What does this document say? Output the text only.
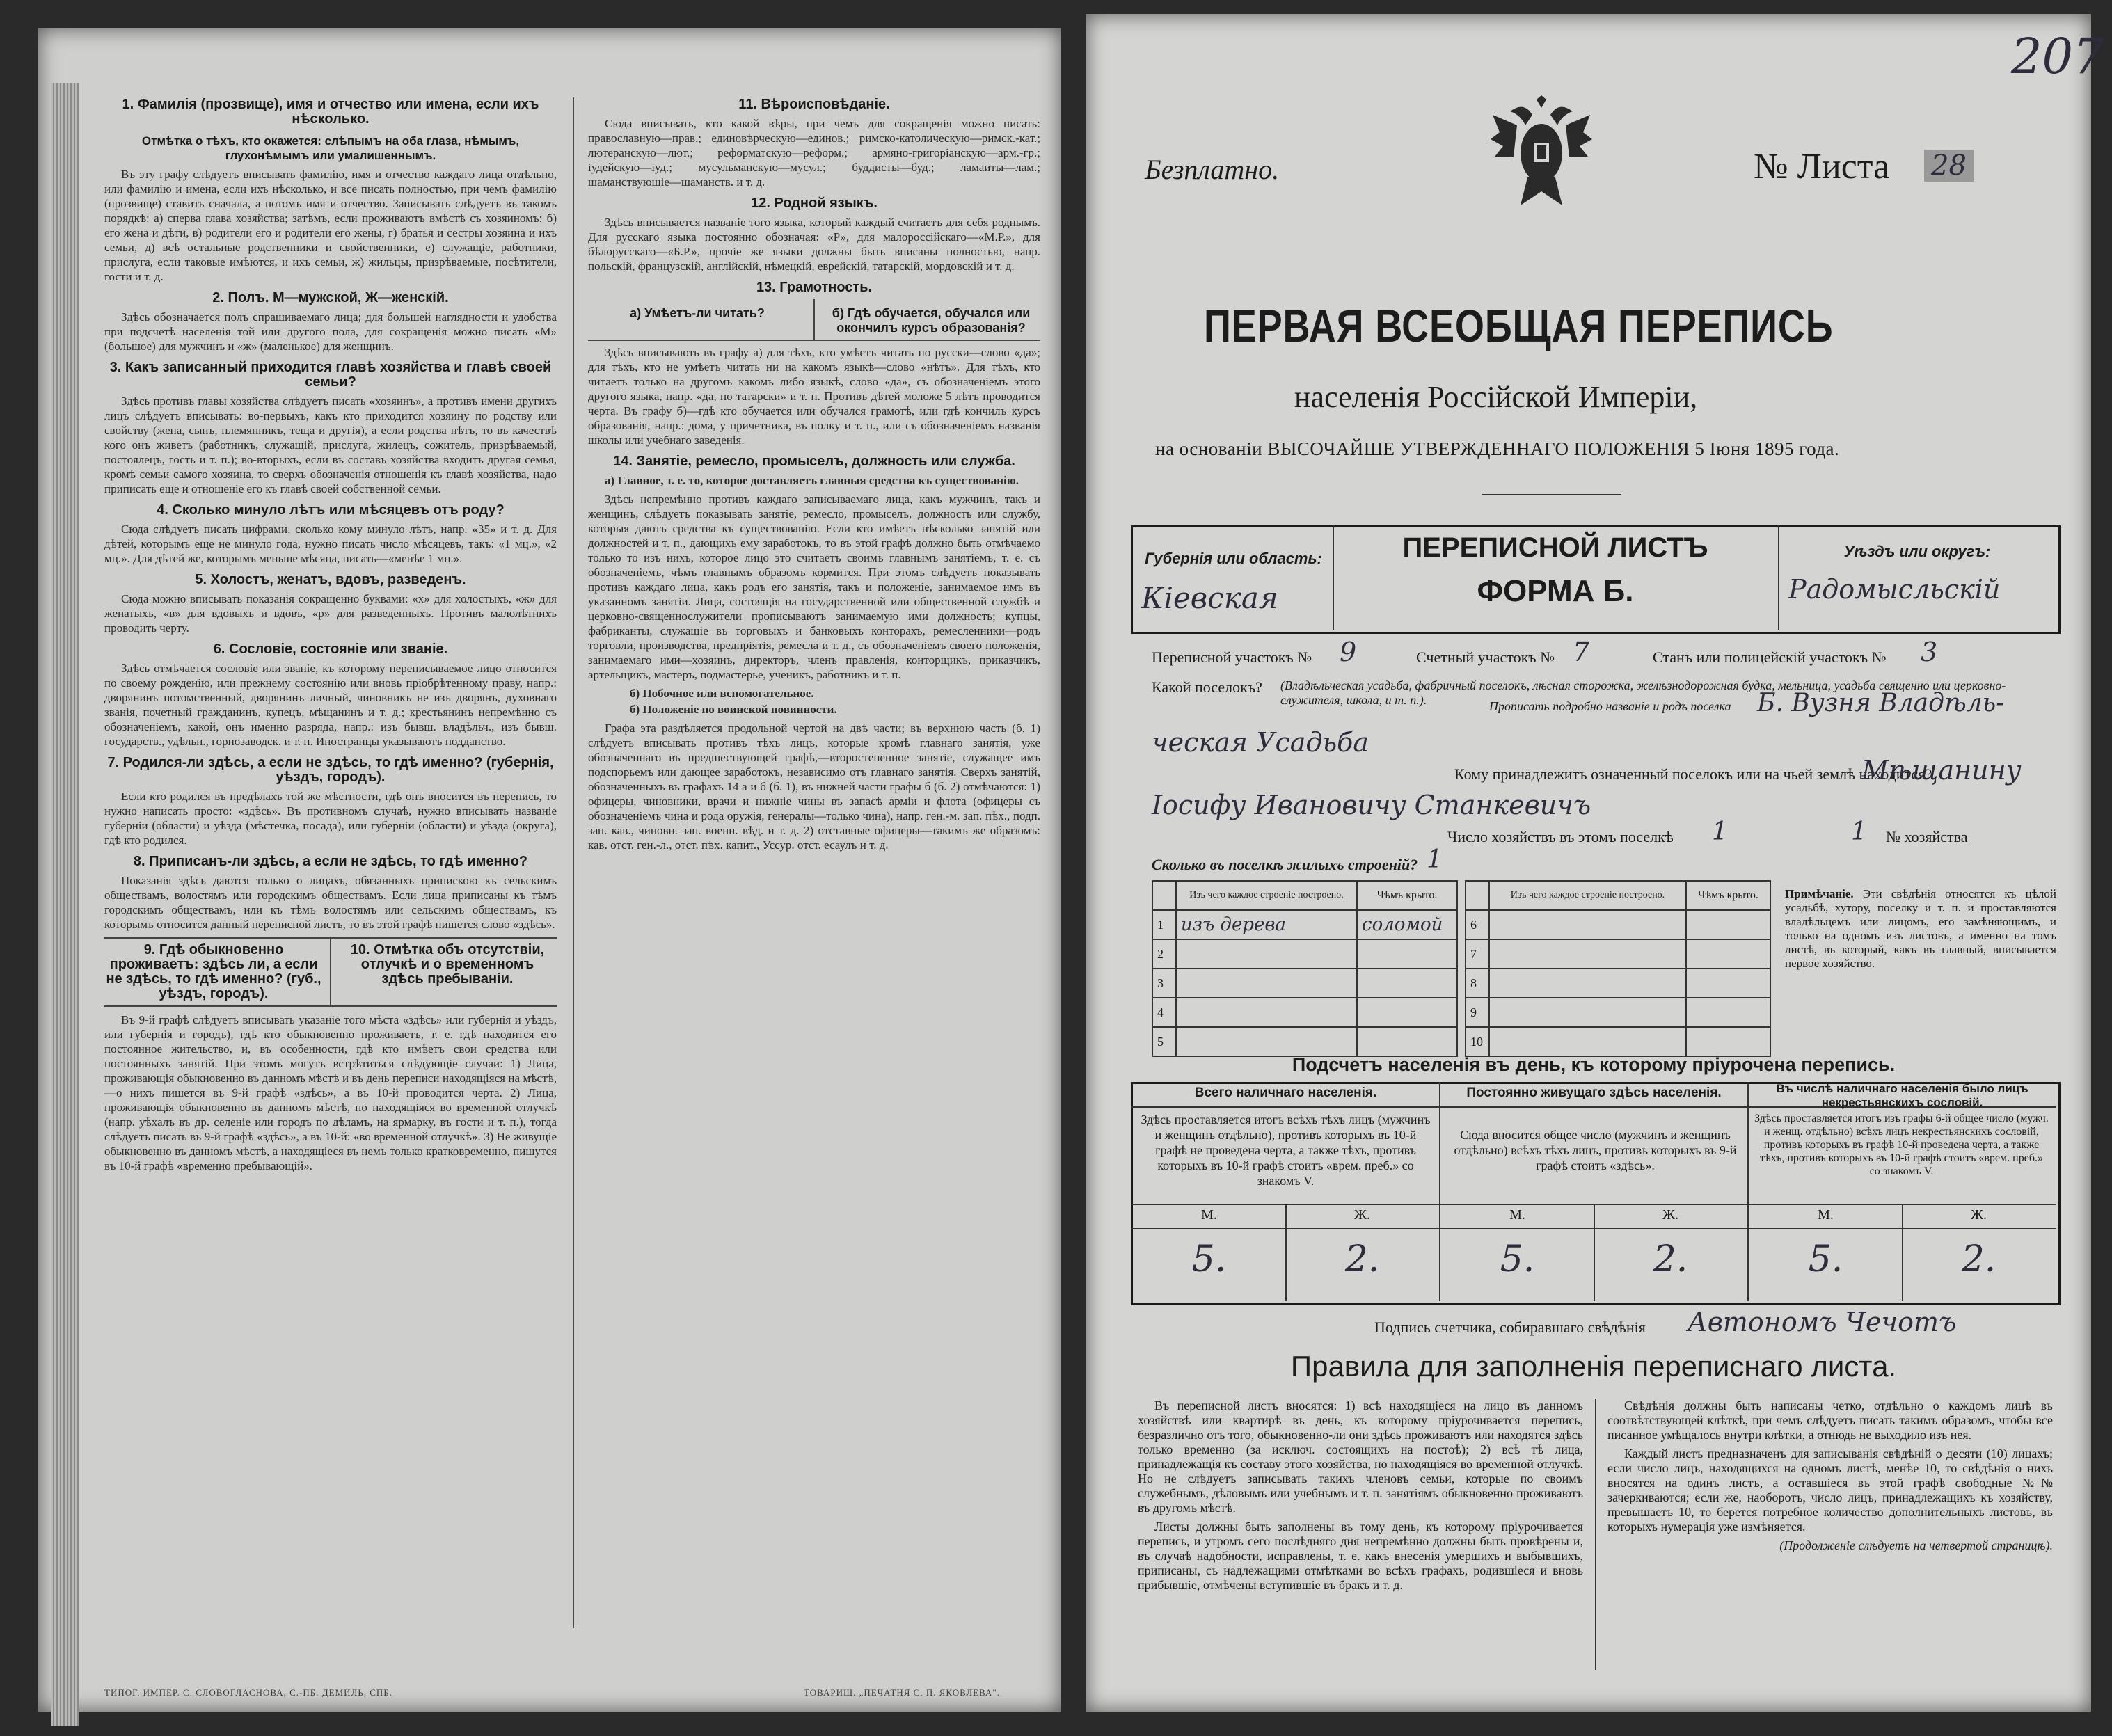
1. Фамилія (прозвище), имя и отчество или имена, если ихъ нѣсколько.
Отмѣтка о тѣхъ, кто окажется: слѣпымъ на оба глаза, нѣмымъ, глухонѣмымъ или умалишеннымъ.

Въ эту графу слѣдуетъ вписывать фамилію, имя и отчество каждаго лица отдѣльно, или фамилію и имена, если ихъ нѣсколько, и все писать полностью, при чемъ фамилію (прозвище) ставить сначала, а потомъ имя и отчество. Записывать слѣдуетъ въ такомъ порядкѣ: а) сперва глава хозяйства; затѣмъ, если проживаютъ вмѣстѣ съ хозяиномъ: б) его жена и дѣти, в) родители его и родители его жены, г) братья и сестры хозяина и ихъ семьи, д) всѣ остальные родственники и свойственники, е) служащіе, работники, прислуга, если таковые имѣются, и ихъ семьи, ж) жильцы, призрѣваемые, посѣтители, гости и т. д.

2. Полъ. М—мужской, Ж—женскій.

Здѣсь обозначается полъ спрашиваемаго лица; для большей наглядности и удобства при подсчетѣ населенія той или другого пола, для сокращенія можно писать «М» (большое) для мужчинъ и «ж» (маленькое) для женщинъ.

3. Какъ записанный приходится главѣ хозяйства и главѣ своей семьи?

Здѣсь противъ главы хозяйства слѣдуетъ писать «хозяинъ», а противъ имени другихъ лицъ слѣдуетъ вписывать: во-первыхъ, какъ кто приходится хозяину по родству или свойству (жена, сынъ, племянникъ, теща и другія), а если родства нѣтъ, то въ качествѣ кого онъ живетъ (работникъ, служащій, прислуга, жилецъ, сожитель, призрѣваемый, постоялецъ, гость и т. п.); во-вторыхъ, если въ составъ хозяйства входитъ другая семья, кромѣ семьи самого хозяина, то сверхъ обозначенія отношенія къ главѣ хозяйства, надо приписать еще и отношеніе его къ главѣ своей собственной семьи.

4. Сколько минуло лѣтъ или мѣсяцевъ отъ роду?

Сюда слѣдуетъ писать цифрами, сколько кому минуло лѣтъ, напр. «35» и т. д. Для дѣтей, которымъ еще не минуло года, нужно писать число мѣсяцевъ, такъ: «1 мц.», «2 мц.». Для дѣтей же, которымъ меньше мѣсяца, писать—«менѣе 1 мц.».

5. Холостъ, женатъ, вдовъ, разведенъ.

Сюда можно вписывать показанія сокращенно буквами: «х» для холостыхъ, «ж» для женатыхъ, «в» для вдовыхъ и вдовъ, «р» для разведенныхъ. Противъ малолѣтнихъ проводить черту.

6. Сословіе, состояніе или званіе.

Здѣсь отмѣчается сословіе или званіе, къ которому переписываемое лицо относится по своему рожденію, или прежнему состоянію или вновь пріобрѣтенному праву, напр.: дворянинъ потомственный, дворянинъ личный, чиновникъ не изъ дворянъ, духовнаго званія, почетный гражданинъ, купецъ, мѣщанинъ и т. д.; крестьянинъ непремѣнно съ обозначеніемъ, какой, онъ именно разряда, напр.: изъ бывш. владѣльч., изъ бывш. государств., удѣльн., горнозаводск. и т. п. Иностранцы указываютъ подданство.

7. Родился-ли здѣсь, а если не здѣсь, то гдѣ именно? (губернія, уѣздъ, городъ).

Если кто родился въ предѣлахъ той же мѣстности, гдѣ онъ вносится въ перепись, то нужно написать просто: «здѣсь». Въ противномъ случаѣ, нужно вписывать названіе губерніи (области) и уѣзда (мѣстечка, посада), или губерніи (области) и уѣзда (округа), гдѣ кто родился.

8. Приписанъ-ли здѣсь, а если не здѣсь, то гдѣ именно?

Показанія здѣсь даются только о лицахъ, обязанныхъ припискою къ сельскимъ обществамъ, волостямъ или городскимъ обществамъ. Если лица приписаны къ тѣмъ городскимъ обществамъ, или къ тѣмъ волостямъ или сельскимъ обществамъ, къ которымъ относится данный переписной листъ, то въ этой графѣ пишется слово «здѣсь».

9. Гдѣ обыкновенно проживаетъ: здѣсь ли, а если не здѣсь, то гдѣ именно? (губ., уѣздъ, городъ).
10. Отмѣтка объ отсутствіи, отлучкѣ и о временномъ здѣсь пребываніи.

Въ 9-й графѣ слѣдуетъ вписывать указаніе того мѣста «здѣсь» или губернія и уѣздъ, или губернія и городъ), гдѣ кто обыкновенно проживаетъ, т. е. гдѣ находится его постоянное жительство, и, въ особенности, гдѣ кто имѣетъ свои средства или постоянныхъ занятій. При этомъ могутъ встрѣтиться слѣдующіе случаи: 1) Лица, проживающія обыкновенно въ данномъ мѣстѣ и въ день переписи находящіяся на мѣстѣ,—о нихъ пишется въ 9-й графѣ «здѣсь», а въ 10-й проводится черта. 2) Лица, проживающія обыкновенно въ данномъ мѣстѣ, но находящіяся во временной отлучкѣ (напр. уѣхалъ въ др. селеніе или городъ по дѣламъ, на ярмарку, въ гости и т. п.), тогда слѣдуетъ писать въ 9-й графѣ «здѣсь», а въ 10-й: «во временной отлучкѣ». 3) Не живущіе обыкновенно въ данномъ мѣстѣ, а находящіеся въ немъ только кратковременно, пишутся въ 10-й графѣ «временно пребывающій».

11. Вѣроисповѣданіе.

Сюда вписывать, кто какой вѣры, при чемъ для сокращенія можно писать: православную—прав.; единовѣрческую—единов.; римско-католическую—римск.-кат.; лютеранскую—лют.; реформатскую—реформ.; армяно-григоріанскую—арм.-гр.; іудейскую—іуд.; мусульманскую—мусул.; буддисты—буд.; ламаиты—лам.; шаманствующіе—шаманств. и т. д.

12. Родной языкъ.

Здѣсь вписывается названіе того языка, который каждый считаетъ для себя роднымъ. Для русскаго языка постоянно обозначая: «Р», для малороссійскаго—«М.Р.», для бѣлорусскаго—«Б.Р.», прочіе же языки должны быть вписаны полностью, напр. польскій, французскій, англійскій, нѣмецкій, еврейскій, татарскій, мордовскій и т. д.

13. Грамотность.
а) Умѣетъ-ли читать?	б) Гдѣ обучается, обучался или окончилъ курсъ образованія?

Здѣсь вписывають въ графу а) для тѣхъ, кто умѣетъ читать по русски—слово «да»; для тѣхъ, кто не умѣетъ читать ни на какомъ языкѣ—слово «нѣтъ». Для тѣхъ, кто читаетъ только на другомъ какомъ либо языкѣ, слово «да», съ обозначеніемъ этого другого языка, напр. «да, по татарски» и т. п. Противъ дѣтей моложе 5 лѣтъ проводится черта. Въ графу б)—гдѣ кто обучается или обучался грамотѣ, или гдѣ кончилъ курсъ образованія, напр.: дома, у причетника, въ полку и т. п., или съ обозначеніемъ названія школы или учебнаго заведенія.

14. Занятіе, ремесло, промыселъ, должность или служба.

а) Главное, т. е. то, которое доставляетъ главныя средства къ существованію.

Здѣсь непремѣнно противъ каждаго записываемаго лица, какъ мужчинъ, такъ и женщинъ, слѣдуетъ показывать занятіе, ремесло, промыселъ, должность или службу, которыя даютъ средства къ существованію. Если кто имѣетъ нѣсколько занятій или должностей и т. п., дающихъ ему заработокъ, то въ этой графѣ должно быть отмѣчаемо только то изъ нихъ, которое лицо это считаетъ своимъ главнымъ занятіемъ, т. е. съ обозначеніемъ, чѣмъ главнымъ образомъ кормится. При этомъ слѣдуетъ показывать противъ каждаго лица, какъ родъ его занятія, такъ и положеніе, занимаемое имъ въ указанномъ занятіи. Лица, состоящія на государственной или общественной службѣ и церковно-священнослужители прописываютъ занимаемую ими должность; купцы, фабриканты, служащіе въ торговыхъ и банковыхъ конторахъ, ремесленники—родъ торговли, производства, предпріятія, ремесла и т. д., съ обозначеніемъ своего положенія, занимаемаго ими—хозяинъ, директоръ, членъ правленія, конторщикъ, приказчикъ, артельщикъ, мастеръ, подмастерье, ученикъ, работникъ и т. п.

б) Побочное или вспомогательное.

б) Положеніе по воинской повинности.

Графа эта раздѣляется продольной чертой на двѣ части; въ верхнюю часть (б. 1) слѣдуетъ вписывать противъ тѣхъ лицъ, которые кромѣ главнаго занятія, уже обозначеннаго въ предшествующей графѣ,—второстепенное занятіе, служащее имъ подспорьемъ или дающее заработокъ, независимо отъ главнаго занятія. Сверхъ занятій, обозначенныхъ въ графахъ 14 а и б (б. 1), въ нижней части графы б (б. 2) отмѣчаются: 1) офицеры, чиновники, врачи и нижніе чины въ запасѣ арміи и флота (офицеры съ обозначеніемъ чина и рода оружія, генералы—только чина), напр. ген.-м. зап. пѣх., подп. зап. кав., чиновн. зап. военн. вѣд. и т. д. 2) отставные офицеры—такимъ же образомъ: кав. отст. ген.-л., отст. пѣх. капит., Уссур. отст. есаулъ и т. д.

ТИПОГ. ИМПЕР. С. СЛОВОГЛАСНОВА, С.-ПБ. ДЕМИЛЬ, СПБ.	ТОВАРИЩ. „ПЕЧАТНЯ С. П. ЯКОВЛЕВА".
207
Безплатно.	№ Листа 28
ПЕРВАЯ ВСЕОБЩАЯ ПЕРЕПИСЬ
населенія Россійской Имперіи,
на основаніи ВЫСОЧАЙШЕ УТВЕРЖДЕННАГО ПОЛОЖЕНІЯ 5 Іюня 1895 года.
Губернія или область:
Кіевская
ПЕРЕПИСНОЙ ЛИСТЪ
ФОРМА Б.
Уѣздъ или округъ:
Радомысльскій
Переписной участокъ № 9	Счетный участокъ № 7	Станъ или полицейскій участокъ № 3
Какой поселокъ? (Владѣльческая усадьба, фабричный поселокъ, лѣсная сторожка, желѣзнодорожная будка, мельница, усадьба священно или церковно-служителя, школа, и т. п.).	Прописать подробно названіе и родъ поселка Б. Вузня Владѣль-
ческая Усадьба
Кому принадлежитъ означенный поселокъ или на чьей землѣ находится?
Мѣщанину
Іосифу Ивановичу Станкевичъ
Число хозяйствъ въ этомъ поселкѣ 1	1 № хозяйства
Сколько въ поселкѣ жилыхъ строеній? 1
	Изъ чего каждое строеніе построено.	Чѣмъ крыто.
1	изъ дерева	соломой
2		
3		
4		
5		
	Изъ чего каждое строеніе построено.	Чѣмъ крыто.
6		
7		
8		
9		
10		
Примѣчаніе. Эти свѣдѣнія относятся къ цѣлой усадьбѣ, хутору, поселку и т. п. и проставляются владѣльцемъ или лицомъ, его замѣняющимъ, и только на одномъ изъ листовъ, а именно на томъ листѣ, въ который, какъ въ главный, вписывается первое хозяйство.
Подсчетъ населенія въ день, къ которому пріурочена перепись.
Всего наличнаго населенія.	Постоянно живущаго здѣсь населенія.	Въ числѣ наличнаго населенія было лицъ некрестьянскихъ сословій.
Здѣсь проставляется итогъ всѣхъ тѣхъ лицъ (мужчинъ и женщинъ отдѣльно), противъ которыхъ въ 10-й графѣ не проведена черта, а также тѣхъ, противъ которыхъ въ 10-й графѣ стоитъ «врем. преб.» со знакомъ V.
Сюда вносится общее число (мужчинъ и женщинъ отдѣльно) всѣхъ тѣхъ лицъ, противъ которыхъ въ 9-й графѣ стоитъ «здѣсь».
Здѣсь проставляется итогъ изъ графы 6-й общее число (мужч. и женщ. отдѣльно) всѣхъ лицъ некрестьянскихъ сословій, противъ которыхъ въ графѣ 10-й проведена черта, а также тѣхъ, противъ которыхъ въ 10-й графѣ стоитъ «врем. преб.» со знакомъ V.
М.	Ж.	М.	Ж.	М.	Ж.
5.	2.	5.	2.	5.	2.
Подпись счетчика, собиравшаго свѣдѣнія Автономъ Чечотъ
Правила для заполненія переписнаго листа.

Въ переписной листъ вносятся: 1) всѣ находящіеся на лицо въ данномъ хозяйствѣ или квартирѣ въ день, къ которому пріурочивается перепись, безразлично отъ того, обыкновенно-ли они здѣсь проживаютъ или находятся здѣсь только временно (за исключ. состоящихъ на постоѣ); 2) всѣ тѣ лица, принадлежащія къ составу этого хозяйства, но находящіяся во временной отлучкѣ. Но не слѣдуетъ записывать такихъ членовъ семьи, которые по своимъ служебнымъ, дѣловымъ или учебнымъ и т. п. занятіямъ обыкновенно проживаютъ въ другомъ мѣстѣ.

Листы должны быть заполнены въ тому день, къ которому пріурочивается перепись, и утромъ сего послѣдняго дня непремѣнно должны быть провѣрены и, въ случаѣ надобности, исправлены, т. е. какъ внесенія умершихъ и выбывшихъ, приписаны, съ надлежащими отмѣтками во всѣхъ графахъ, родившіеся и вновь прибывшіе, отмѣчены вступившіе въ бракъ и т. д.

Свѣдѣнія должны быть написаны четко, отдѣльно о каждомъ лицѣ въ соотвѣтствующей клѣткѣ, при чемъ слѣдуетъ писать такимъ образомъ, чтобы все писанное умѣщалось внутри клѣтки, а отнюдь не выходило изъ нея.

Каждый листъ предназначенъ для записыванія свѣдѣній о десяти (10) лицахъ; если число лицъ, находящихся на одномъ листѣ, менѣе 10, то свѣдѣнія о нихъ вносятся на одинъ листъ, а оставшіеся въ этой графѣ свободные №№ зачеркиваются; если же, наоборотъ, число лицъ, принадлежащихъ къ хозяйству, превышаетъ 10, то берется потребное количество дополнительныхъ листовъ, въ которыхъ нумерація уже измѣняется.

(Продолженіе слѣдуетъ на четвертой страницѣ).
